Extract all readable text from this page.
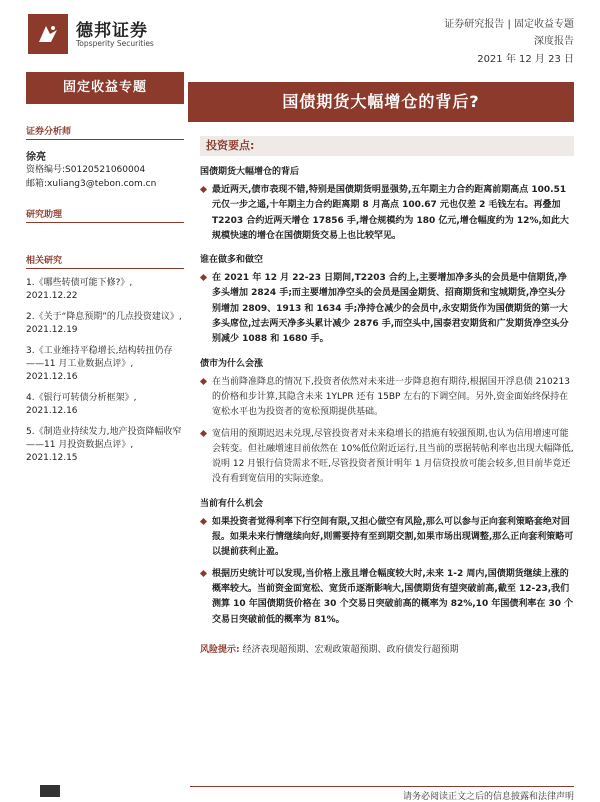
德邦证券
Topsperity Securities
证券研究报告 | 固定收益专题
深度报告
2021 年 12 月 23 日
固定收益专题
国债期货大幅增仓的背后?
证券分析师
徐亮
资格编号:S0120521060004
邮箱:xuliang3@tebon.com.cn
研究助理
相关研究
1.《哪些转债可能下修?》,
2021.12.22
2.《关于“降息预期”的几点投资建议》,
2021.12.19
3.《工业维持平稳增长,结构转扭仍存——11 月工业数据点评》,
2021.12.16
4.《银行可转债分析框架》,
2021.12.16
5.《制造业持续发力,地产投资降幅收窄——11 月投资数据点评》,
2021.12.15
投资要点:
国债期货大幅增仓的背后
最近两天,债市表现不错,特别是国债期货明显强势,五年期主力合约距离前期高点 100.51 元仅一步之遥,十年期主力合约距离期 8 月高点 100.67 元也仅差 2 毛钱左右。再叠加 T2203 合约近两天增仓 17856 手,增仓规模约为 180 亿元,增仓幅度约为 12%,如此大规模快速的增仓在国债期货交易上也比较罕见。
谁在做多和做空
在 2021 年 12 月 22-23 日期间,T2203 合约上,主要增加净多头的会员是中信期货,净多头增加 2824 手;而主要增加净空头的会员是国金期货、招商期货和宝城期货,净空头分别增加 2809、1913 和 1634 手;净持仓减少的会员中,永安期货作为国债期货的第一大多头席位,过去两天净多头累计减少 2876 手,而空头中,国泰君安期货和广发期货净空头分别减少 1088 和 1680 手。
债市为什么会涨
在当前降准降息的情况下,投资者依然对未来进一步降息抱有期待,根据国开浮息债 210213 的价格和步计算,其隐含未来 1YLPR 还有 15BP 左右的下调空间。另外,资金面始终保持在宽松水平也为投资者的宽松预期提供基础。
宽信用的预期迟迟未兑现,尽管投资者对未来稳增长的措施有较强预期,也认为信用增速可能会转变。但社融增速目前依然在 10%低位附近运行,且当前的票据转帖利率也出现大幅降低,说明 12 月银行信贷需求不旺,尽管投资者预计明年 1 月信贷投放可能会较多,但目前毕竟还没有看到宽信用的实际迹象。
当前有什么机会
如果投资者觉得利率下行空间有限,又担心做空有风险,那么可以参与正向套利策略套绝对回报。如果未来行情继续向好,则需要持有至到期交割,如果市场出现调整,那么正向套利策略可以提前获利止盈。
根据历史统计可以发现,当价格上涨且增仓幅度较大时,未来 1-2 周内,国债期货继续上涨的概率较大。当前资金面宽松、宽货币逐渐影响大,国债期货有望突破前高,截至 12-23,我们测算 10 年国债期货价格在 30 个交易日突破前高的概率为 82%,10 年国债利率在 30 个交易日突破前低的概率为 81%。
风险提示: 经济表现超预期、宏观政策超预期、政府债发行超预期
请务必阅读正文之后的信息披露和法律声明
